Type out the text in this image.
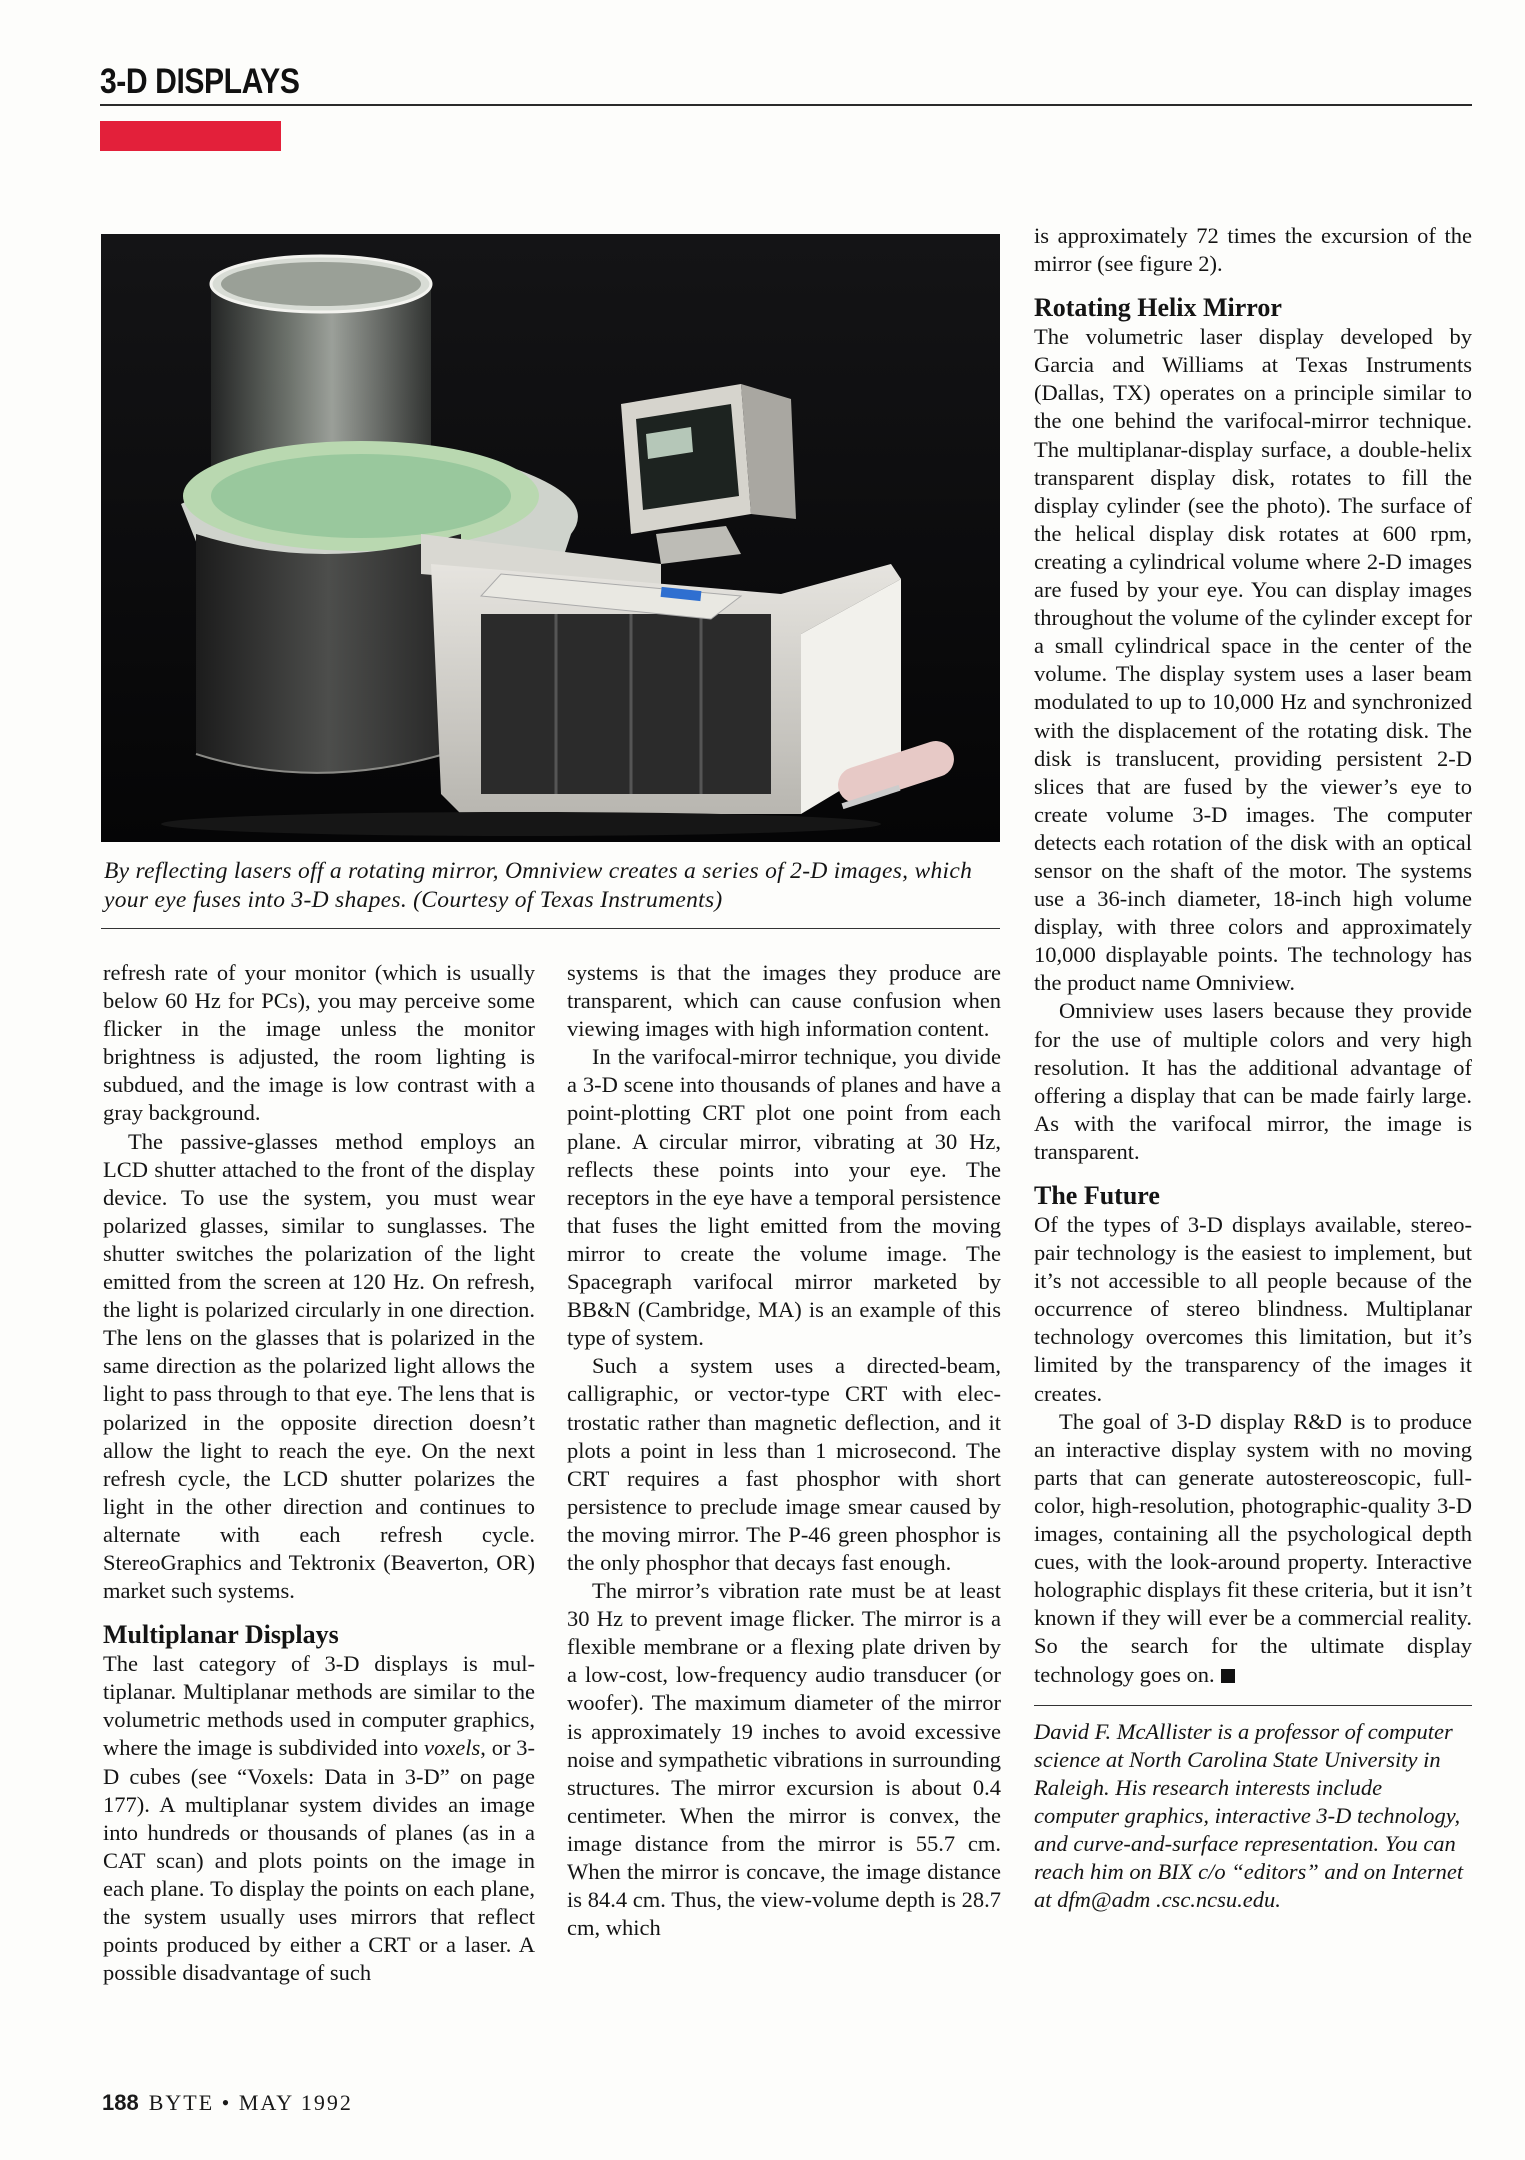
3-D DISPLAYS

By reflecting lasers off a rotating mirror, Omniview creates a series of 2-D images, which your eye fuses into 3-D shapes. (Courtesy of Texas Instruments)

refresh rate of your monitor (which is usually below 60 Hz for PCs), you may perceive some flicker in the image unless the monitor brightness is adjusted, the room lighting is subdued, and the image is low contrast with a gray background.

The passive-glasses method employs an LCD shutter attached to the front of the display device. To use the system, you must wear polarized glasses, similar to sunglasses. The shutter switches the polarization of the light emitted from the screen at 120 Hz. On refresh, the light is polarized circularly in one direction. The lens on the glasses that is polarized in the same direction as the polarized light allows the light to pass through to that eye. The lens that is polarized in the opposite direction doesn’t allow the light to reach the eye. On the next refresh cycle, the LCD shutter polarizes the light in the other direction and continues to alternate with each refresh cycle. StereoGraphics and Tektronix (Beaverton, OR) market such systems.

Multiplanar Displays

The last category of 3-D displays is multiplanar. Multiplanar methods are similar to the volumetric methods used in computer graphics, where the image is subdivided into voxels, or 3-D cubes (see “Voxels: Data in 3-D” on page 177). A multiplanar system divides an image into hundreds or thousands of planes (as in a CAT scan) and plots points on the image in each plane. To display the points on each plane, the system usually uses mirrors that reflect points produced by either a CRT or a laser. A possible disadvantage of such

systems is that the images they produce are transparent, which can cause confusion when viewing images with high information content.

In the varifocal-mirror technique, you divide a 3-D scene into thousands of planes and have a point-plotting CRT plot one point from each plane. A circular mirror, vibrating at 30 Hz, reflects these points into your eye. The receptors in the eye have a temporal persistence that fuses the light emitted from the moving mirror to create the volume image. The Spacegraph varifocal mirror marketed by BB&N (Cambridge, MA) is an example of this type of system.

Such a system uses a directed-beam, calligraphic, or vector-type CRT with electrostatic rather than magnetic deflection, and it plots a point in less than 1 microsecond. The CRT requires a fast phosphor with short persistence to preclude image smear caused by the moving mirror. The P-46 green phosphor is the only phosphor that decays fast enough.

The mirror’s vibration rate must be at least 30 Hz to prevent image flicker. The mirror is a flexible membrane or a flexing plate driven by a low-cost, low-frequency audio transducer (or woofer). The maximum diameter of the mirror is approximately 19 inches to avoid excessive noise and sympathetic vibrations in surrounding structures. The mirror excursion is about 0.4 centimeter. When the mirror is convex, the image distance from the mirror is 55.7 cm. When the mirror is concave, the image distance is 84.4 cm. Thus, the view-volume depth is 28.7 cm, which

is approximately 72 times the excursion of the mirror (see figure 2).

Rotating Helix Mirror

The volumetric laser display developed by Garcia and Williams at Texas Instruments (Dallas, TX) operates on a principle similar to the one behind the varifocal-mirror technique. The multiplanar-display surface, a double-helix transparent display disk, rotates to fill the display cylinder (see the photo). The surface of the helical display disk rotates at 600 rpm, creating a cylindrical volume where 2-D images are fused by your eye. You can display images throughout the volume of the cylinder except for a small cylindrical space in the center of the volume. The display system uses a laser beam modulated to up to 10,000 Hz and synchronized with the displacement of the rotating disk. The disk is translucent, providing persistent 2-D slices that are fused by the viewer’s eye to create volume 3-D images. The computer detects each rotation of the disk with an optical sensor on the shaft of the motor. The systems use a 36-inch diameter, 18-inch high volume display, with three colors and approximately 10,000 displayable points. The technology has the product name Omniview.

Omniview uses lasers because they provide for the use of multiple colors and very high resolution. It has the additional advantage of offering a display that can be made fairly large. As with the varifocal mirror, the image is transparent.

The Future

Of the types of 3-D displays available, stereo-pair technology is the easiest to implement, but it’s not accessible to all people because of the occurrence of stereo blindness. Multiplanar technology overcomes this limitation, but it’s limited by the transparency of the images it creates.

The goal of 3-D display R&D is to produce an interactive display system with no moving parts that can generate autostereoscopic, full-color, high-resolution, photographic-quality 3-D images, containing all the psychological depth cues, with the look-around property. Interactive holographic displays fit these criteria, but it isn’t known if they will ever be a commercial reality. So the search for the ultimate display technology goes on.

David F. McAllister is a professor of computer science at North Carolina State University in Raleigh. His research interests include computer graphics, interactive 3-D technology, and curve-and-surface representation. You can reach him on BIX c/o “editors” and on Internet at dfm@adm .csc.ncsu.edu.

188 BYTE • MAY 1992
